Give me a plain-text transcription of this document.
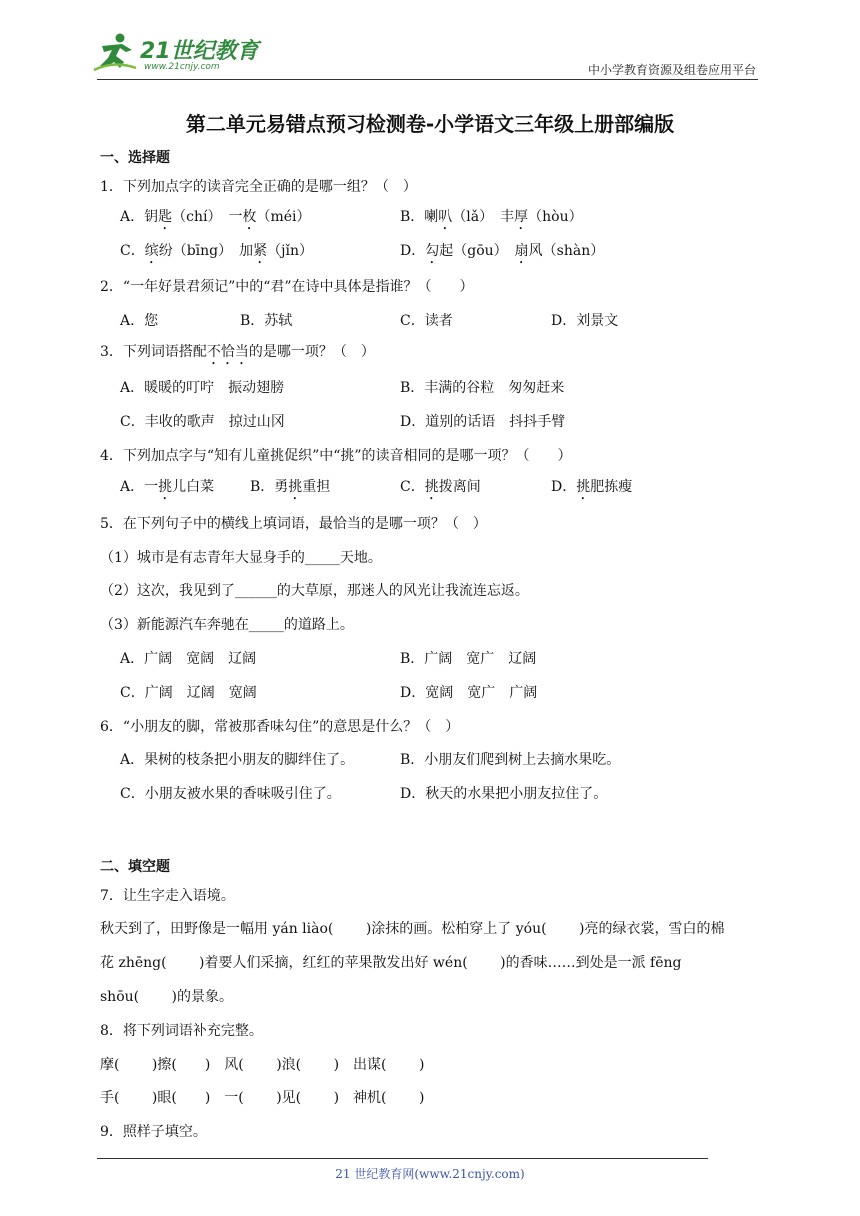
21世纪教育
www.21cnjy.com	中小学教育资源及组卷应用平台
第二单元易错点预习检测卷-小学语文三年级上册部编版
一、选择题
1．下列加点字的读音完全正确的是哪一组？（　）
A．钥匙（chí）　一枚（méi）	B．喇叭（lǎ）　丰厚（hòu）
C．缤纷（bīng）　加紧（jǐn）	D．勾起（gōu）　扇风（shàn）
2．“一年好景君须记”中的“君”在诗中具体是指谁？（　　）
A．您	B．苏轼	C．读者	D．刘景文
3．下列词语搭配不恰当的是哪一项？（　）
A．暖暖的叮咛　振动翅膀	B．丰满的谷粒　匆匆赶来
C．丰收的歌声　掠过山冈	D．道别的话语　抖抖手臂
4．下列加点字与“知有儿童挑促织”中“挑”的读音相同的是哪一项？（　　）
A．一挑儿白菜	B．勇挑重担	C．挑拨离间	D．挑肥拣瘦
5．在下列句子中的横线上填词语，最恰当的是哪一项？（　）
（1）城市是有志青年大显身手的_____天地。
（2）这次，我见到了______的大草原，那迷人的风光让我流连忘返。
（3）新能源汽车奔驰在_____的道路上。
A．广阔　宽阔　辽阔	B．广阔　宽广　辽阔
C．广阔　辽阔　宽阔	D．宽阔　宽广　广阔
6．“小朋友的脚，常被那香味勾住”的意思是什么？（　）
A．果树的枝条把小朋友的脚绊住了。	B．小朋友们爬到树上去摘水果吃。
C．小朋友被水果的香味吸引住了。	D．秋天的水果把小朋友拉住了。
二、填空题
7．让生字走入语境。
秋天到了，田野像是一幅用 yán liào(　　 )涂抹的画。松柏穿上了 yóu(　　 )亮的绿衣裳，雪白的棉
花 zhēng(　　 )着要人们采摘，红红的苹果散发出好 wén(　　 )的香味……到处是一派 fēng
shōu(　　 )的景象。
8．将下列词语补充完整。
摩(　　 )擦(　　)　风(　　 )浪(　　 )　出谋(　　 )
手(　　 )眼(　　)　一(　　 )见(　　 )　神机(　　 )
9．照样子填空。
21 世纪教育网(www.21cnjy.com)
